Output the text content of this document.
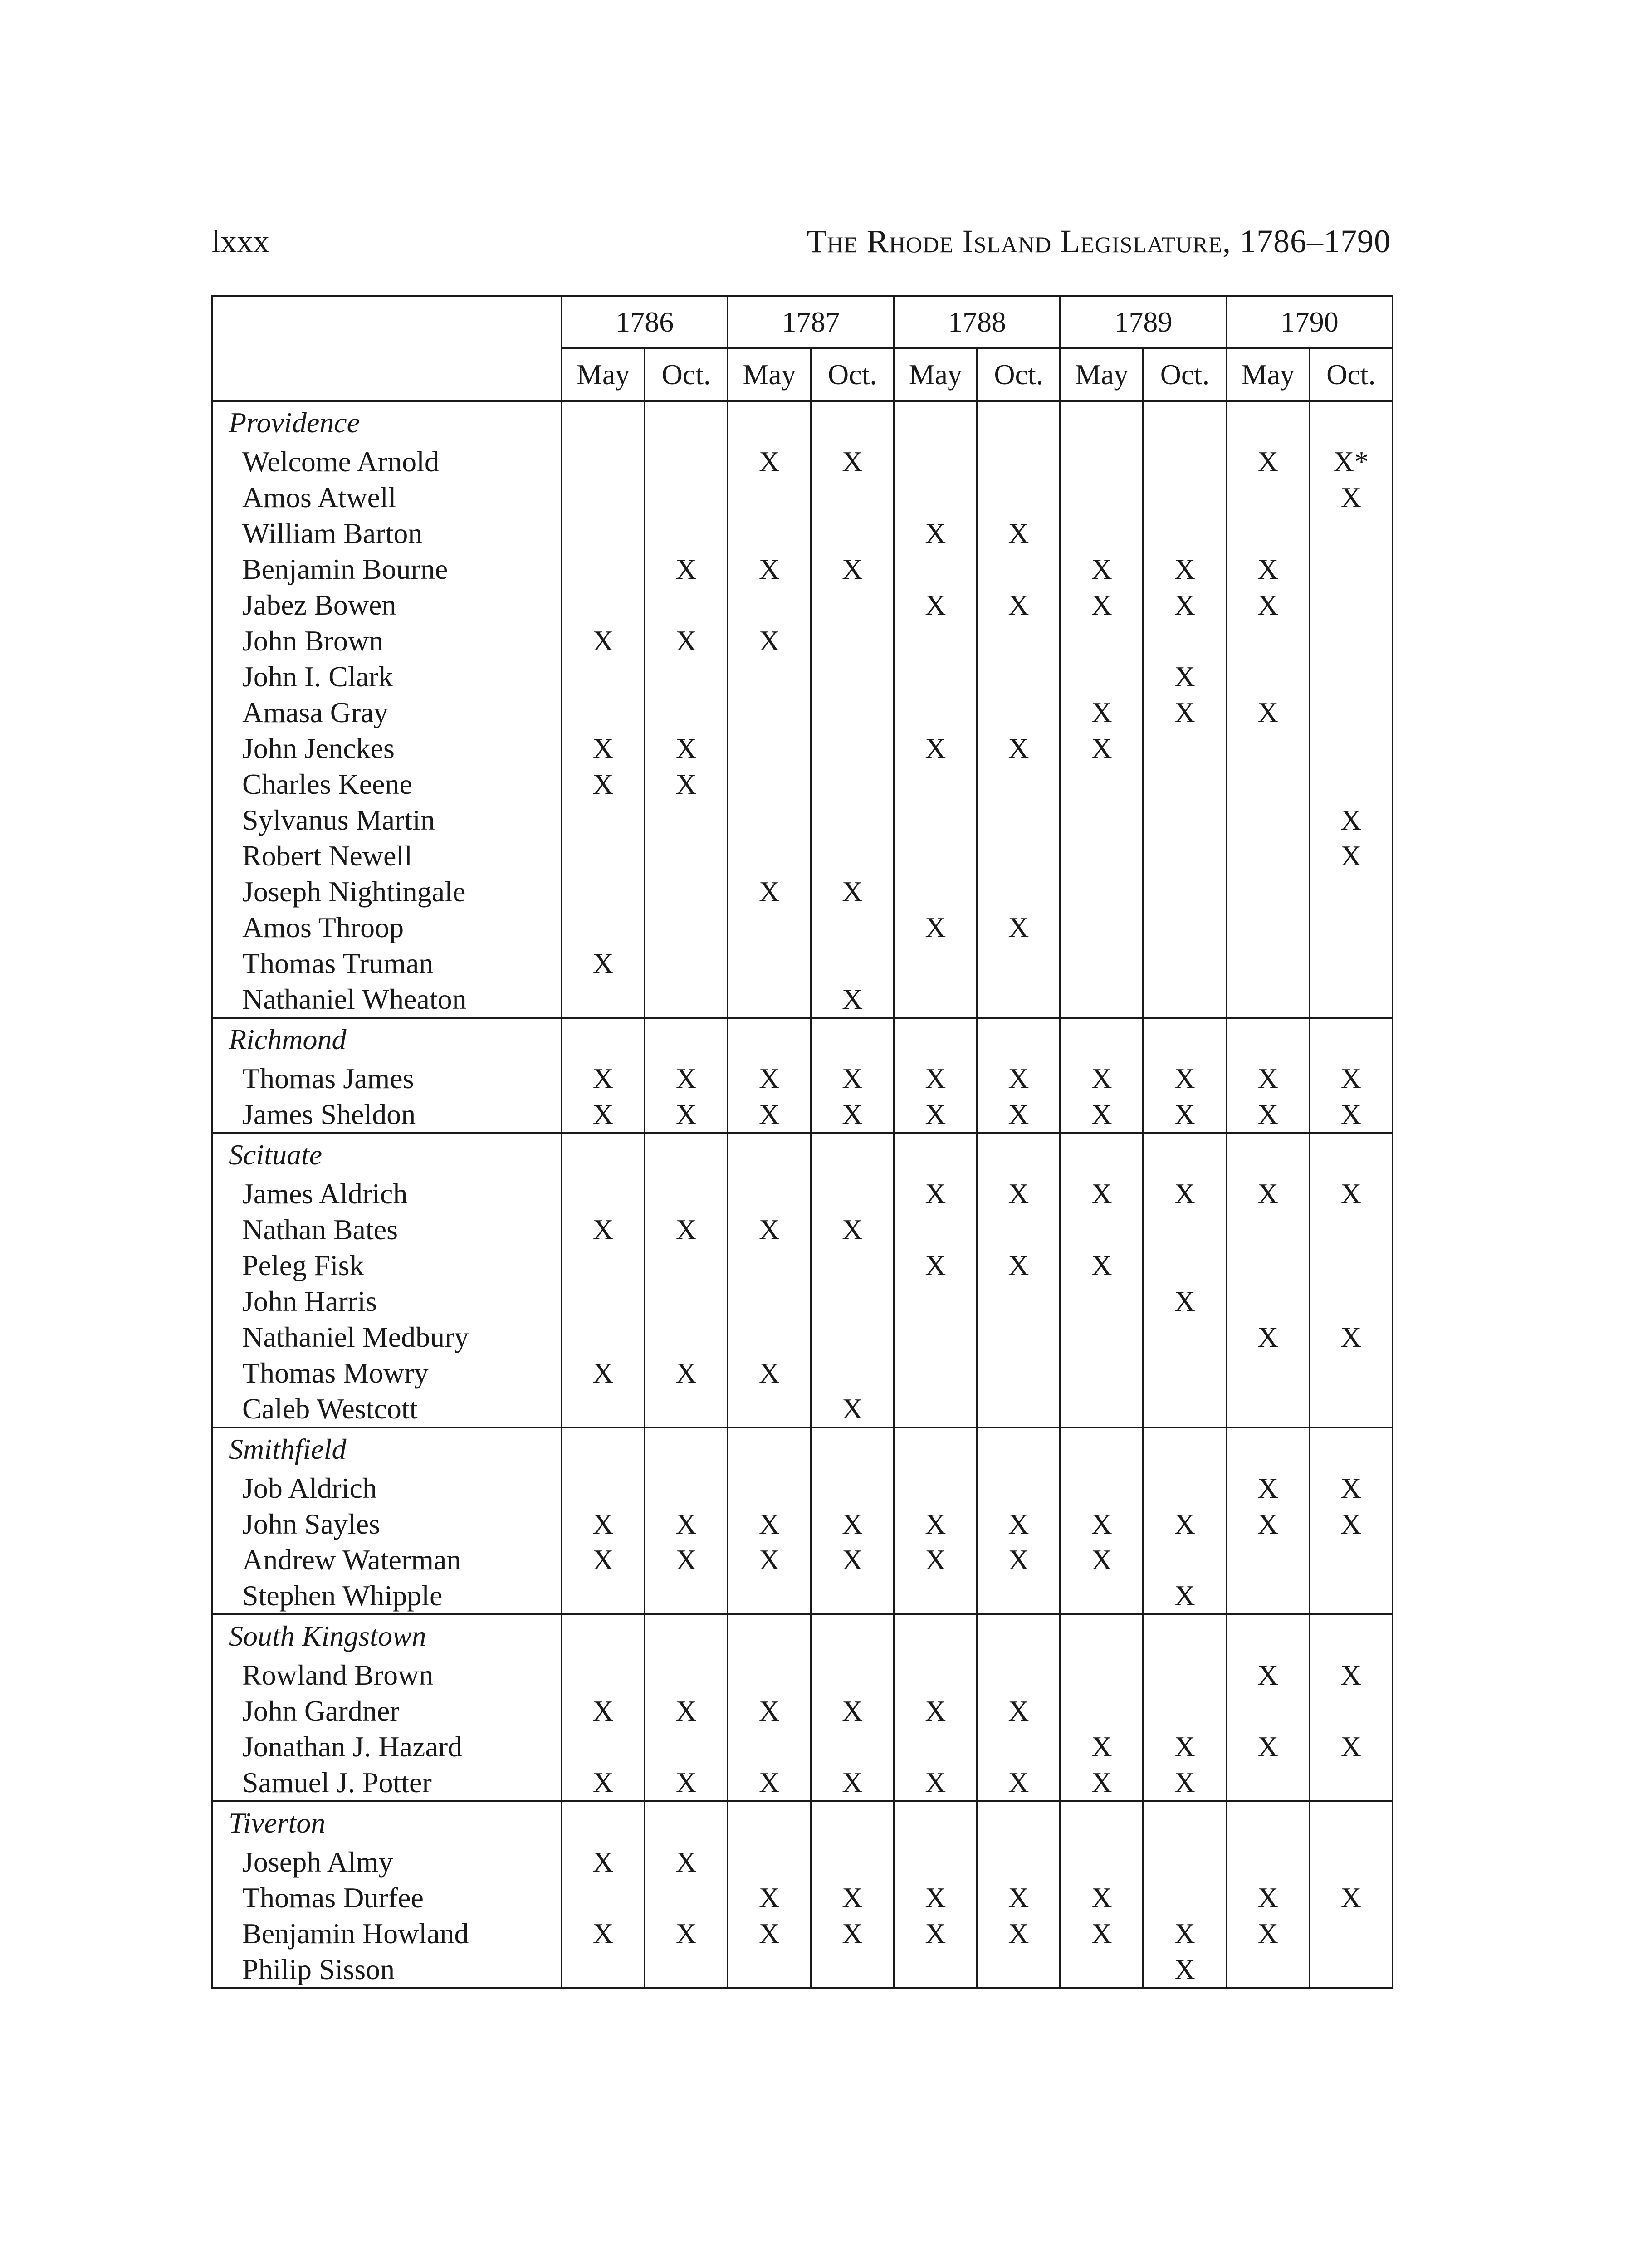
lxxx	The Rhode Island Legislature, 1786–1790
	1786		1787		1788		1789		1790	
	May	Oct.	May	Oct.	May	Oct.	May	Oct.	May	Oct.
Providence										
Welcome Arnold			X	X					X	X*
Amos Atwell										X
William Barton					X	X				
Benjamin Bourne		X	X	X			X	X	X	
Jabez Bowen					X	X	X	X	X	
John Brown	X	X	X							
John I. Clark								X		
Amasa Gray							X	X	X	
John Jenckes	X	X			X	X	X			
Charles Keene	X	X								
Sylvanus Martin										X
Robert Newell										X
Joseph Nightingale			X	X						
Amos Throop					X	X				
Thomas Truman	X									
Nathaniel Wheaton				X						
Richmond										
Thomas James	X	X	X	X	X	X	X	X	X	X
James Sheldon	X	X	X	X	X	X	X	X	X	X
Scituate										
James Aldrich					X	X	X	X	X	X
Nathan Bates	X	X	X	X						
Peleg Fisk					X	X	X			
John Harris								X		
Nathaniel Medbury									X	X
Thomas Mowry	X	X	X							
Caleb Westcott				X						
Smithfield										
Job Aldrich									X	X
John Sayles	X	X	X	X	X	X	X	X	X	X
Andrew Waterman	X	X	X	X	X	X	X			
Stephen Whipple								X		
South Kingstown										
Rowland Brown									X	X
John Gardner	X	X	X	X	X	X				
Jonathan J. Hazard							X	X	X	X
Samuel J. Potter	X	X	X	X	X	X	X	X		
Tiverton										
Joseph Almy	X	X								
Thomas Durfee			X	X	X	X	X		X	X
Benjamin Howland	X	X	X	X	X	X	X	X	X	
Philip Sisson								X		
